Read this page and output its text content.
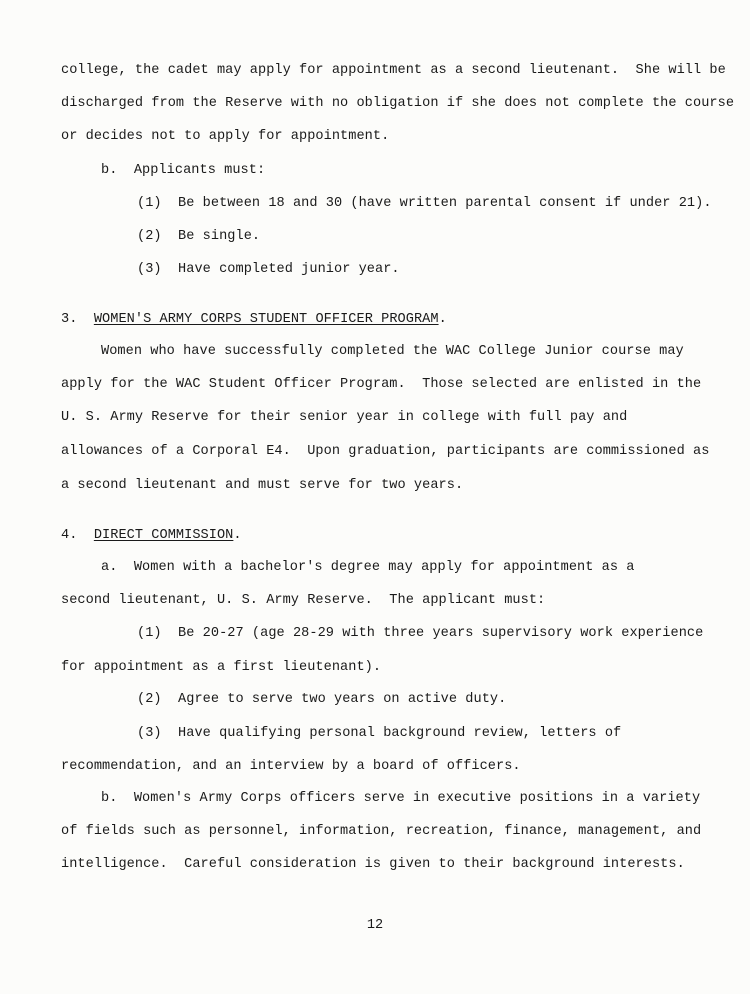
college, the cadet may apply for appointment as a second lieutenant.  She will be
discharged from the Reserve with no obligation if she does not complete the course
or decides not to apply for appointment.
b.  Applicants must:
(1)  Be between 18 and 30 (have written parental consent if under 21).
(2)  Be single.
(3)  Have completed junior year.
3.  WOMEN'S ARMY CORPS STUDENT OFFICER PROGRAM.
Women who have successfully completed the WAC College Junior course may
apply for the WAC Student Officer Program.  Those selected are enlisted in the
U. S. Army Reserve for their senior year in college with full pay and
allowances of a Corporal E4.  Upon graduation, participants are commissioned as
a second lieutenant and must serve for two years.
4.  DIRECT COMMISSION.
a.  Women with a bachelor's degree may apply for appointment as a
second lieutenant, U. S. Army Reserve.  The applicant must:
(1)  Be 20-27 (age 28-29 with three years supervisory work experience
for appointment as a first lieutenant).
(2)  Agree to serve two years on active duty.
(3)  Have qualifying personal background review, letters of
recommendation, and an interview by a board of officers.
b.  Women's Army Corps officers serve in executive positions in a variety
of fields such as personnel, information, recreation, finance, management, and
intelligence.  Careful consideration is given to their background interests.
12
